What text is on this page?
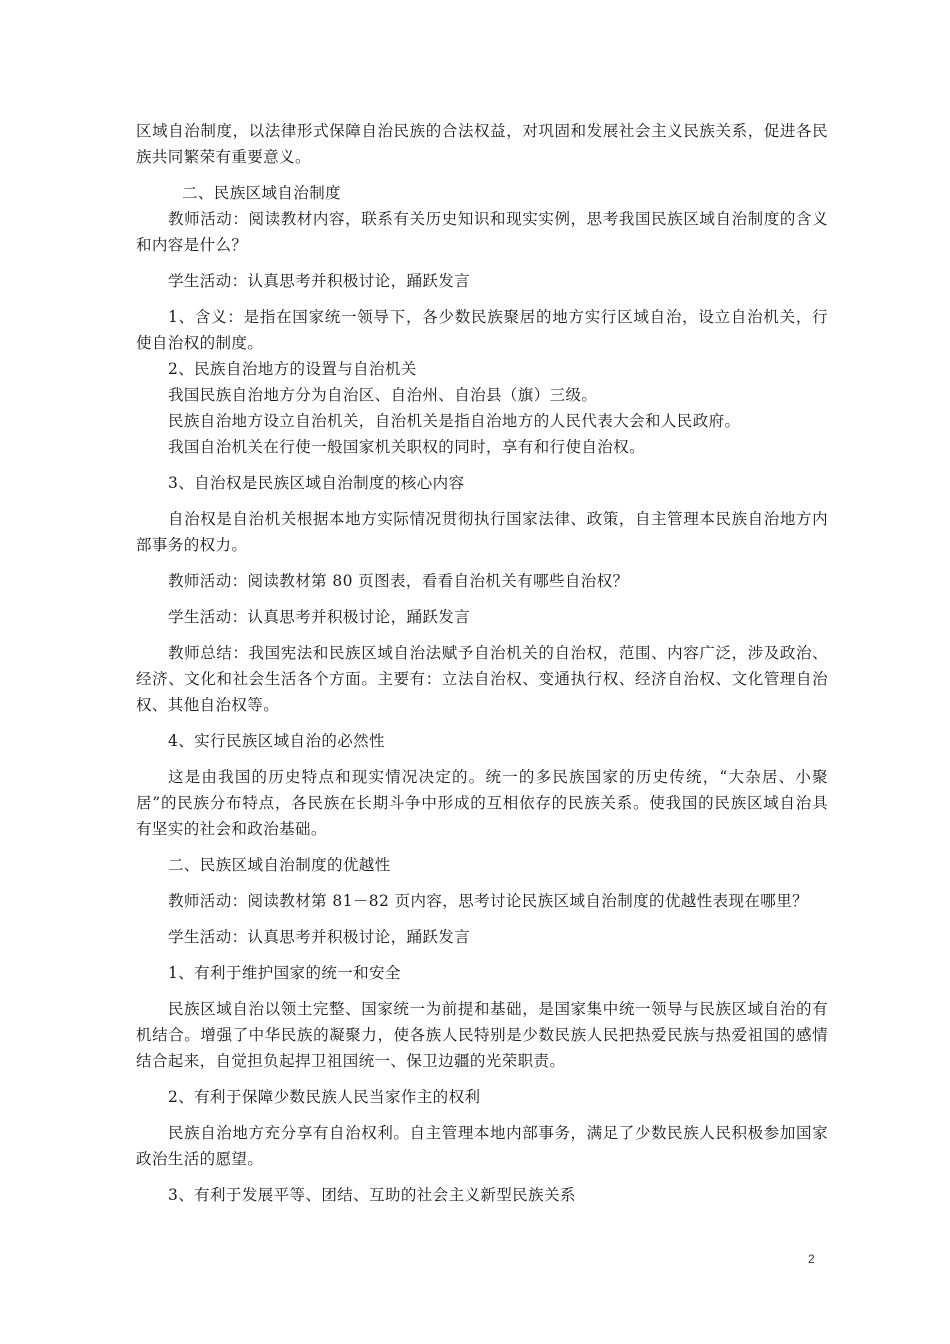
区域自治制度，以法律形式保障自治民族的合法权益，对巩固和发展社会主义民族关系，促进各民族共同繁荣有重要意义。

二、民族区域自治制度

教师活动：阅读教材内容，联系有关历史知识和现实实例，思考我国民族区域自治制度的含义和内容是什么？

学生活动：认真思考并积极讨论，踊跃发言

1、含义：是指在国家统一领导下，各少数民族聚居的地方实行区域自治，设立自治机关，行使自治权的制度。

2、民族自治地方的设置与自治机关

我国民族自治地方分为自治区、自治州、自治县（旗）三级。

民族自治地方设立自治机关，自治机关是指自治地方的人民代表大会和人民政府。

我国自治机关在行使一般国家机关职权的同时，享有和行使自治权。

3、自治权是民族区域自治制度的核心内容

自治权是自治机关根据本地方实际情况贯彻执行国家法律、政策，自主管理本民族自治地方内部事务的权力。

教师活动：阅读教材第 80 页图表，看看自治机关有哪些自治权？

学生活动：认真思考并积极讨论，踊跃发言

教师总结：我国宪法和民族区域自治法赋予自治机关的自治权，范围、内容广泛，涉及政治、经济、文化和社会生活各个方面。主要有：立法自治权、变通执行权、经济自治权、文化管理自治权、其他自治权等。

4、实行民族区域自治的必然性

这是由我国的历史特点和现实情况决定的。统一的多民族国家的历史传统，“大杂居、小聚居”的民族分布特点，各民族在长期斗争中形成的互相依存的民族关系。使我国的民族区域自治具有坚实的社会和政治基础。

二、民族区域自治制度的优越性

教师活动：阅读教材第 81－82 页内容，思考讨论民族区域自治制度的优越性表现在哪里？

学生活动：认真思考并积极讨论，踊跃发言

1、有利于维护国家的统一和安全

民族区域自治以领土完整、国家统一为前提和基础，是国家集中统一领导与民族区域自治的有机结合。增强了中华民族的凝聚力，使各族人民特别是少数民族人民把热爱民族与热爱祖国的感情结合起来，自觉担负起捍卫祖国统一、保卫边疆的光荣职责。

2、有利于保障少数民族人民当家作主的权利

民族自治地方充分享有自治权利。自主管理本地内部事务，满足了少数民族人民积极参加国家政治生活的愿望。

3、有利于发展平等、团结、互助的社会主义新型民族关系

2
